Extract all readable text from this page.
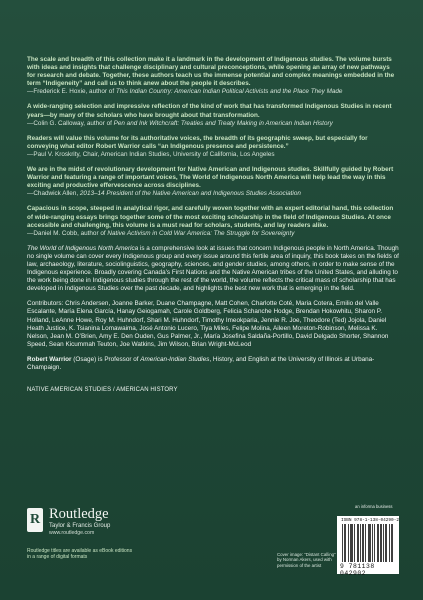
The scale and breadth of this collection make it a landmark in the development of Indigenous studies. The volume bursts with ideas and insights that challenge disciplinary and cultural preconceptions, while opening an array of new pathways for research and debate. Together, these authors teach us the immense potential and complex meanings embedded in the term “Indigeneity” and call us to think anew about the people it describes.
—Frederick E. Hoxie, author of This Indian Country: American Indian Political Activists and the Place They Made
A wide-ranging selection and impressive reflection of the kind of work that has transformed Indigenous Studies in recent years—by many of the scholars who have brought about that transformation.
—Colin G. Calloway, author of Pen and Ink Witchcraft: Treaties and Treaty Making in American Indian History
Readers will value this volume for its authoritative voices, the breadth of its geographic sweep, but especially for conveying what editor Robert Warrior calls “an Indigenous presence and persistence.”
—Paul V. Kroskrity, Chair, American Indian Studies, University of California, Los Angeles
We are in the midst of revolutionary development for Native American and Indigenous studies. Skillfully guided by Robert Warrior and featuring a range of important voices, The World of Indigenous North America will help lead the way in this exciting and productive effervescence across disciplines.
—Chadwick Allen, 2013–14 President of the Native American and Indigenous Studies Association
Capacious in scope, steeped in analytical rigor, and carefully woven together with an expert editorial hand, this collection of wide-ranging essays brings together some of the most exciting scholarship in the field of Indigenous Studies. At once accessible and challenging, this volume is a must read for scholars, students, and lay readers alike.
—Daniel M. Cobb, author of Native Activism in Cold War America: The Struggle for Sovereignty
The World of Indigenous North America is a comprehensive look at issues that concern Indigenous people in North America. Though no single volume can cover every Indigenous group and every issue around this fertile area of inquiry, this book takes on the fields of law, archaeology, literature, sociolinguistics, geography, sciences, and gender studies, among others, in order to make sense of the Indigenous experience. Broadly covering Canada’s First Nations and the Native American tribes of the United States, and alluding to the work being done in Indigenous studies through the rest of the world, the volume reflects the critical mass of scholarship that has developed in Indigenous Studies over the past decade, and highlights the best new work that is emerging in the field.
Contributors: Chris Andersen, Joanne Barker, Duane Champagne, Matt Cohen, Charlotte Coté, Maria Cotera, Emilio del Valle Escalante, María Elena García, Hanay Geiogamah, Carole Goldberg, Felicia Schanche Hodge, Brendan Hokowhitu, Sharon P. Holland, LeAnne Howe, Roy M. Huhndorf, Shari M. Huhndorf, Timothy Imeokparia, Jennie R. Joe, Theodore (Ted) Jojola, Daniel Heath Justice, K. Tsianina Lomawaima, José Antonio Lucero, Tiya Miles, Felipe Molina, Aileen Moreton-Robinson, Melissa K. Nelson, Jean M. O’Brien, Amy E. Den Ouden, Gus Palmer, Jr., María Josefina Saldaña-Portillo, David Delgado Shorter, Shannon Speed, Sean Kicummah Teuton, Joe Watkins, Jim Wilson, Brian Wright-McLeod
Robert Warrior (Osage) is Professor of American-Indian Studies, History, and English at the University of Illinois at Urbana-Champaign.
NATIVE AMERICAN STUDIES / AMERICAN HISTORY
R Routledge
Taylor & Francis Group
www.routledge.com
Routledge titles are available as eBook editions in a range of digital formats	Cover image: “Distant Calling” by Norman Akers, used with permission of the artist
an informa business
ISBN 978-1-138-04290-2
9 781138 042902
